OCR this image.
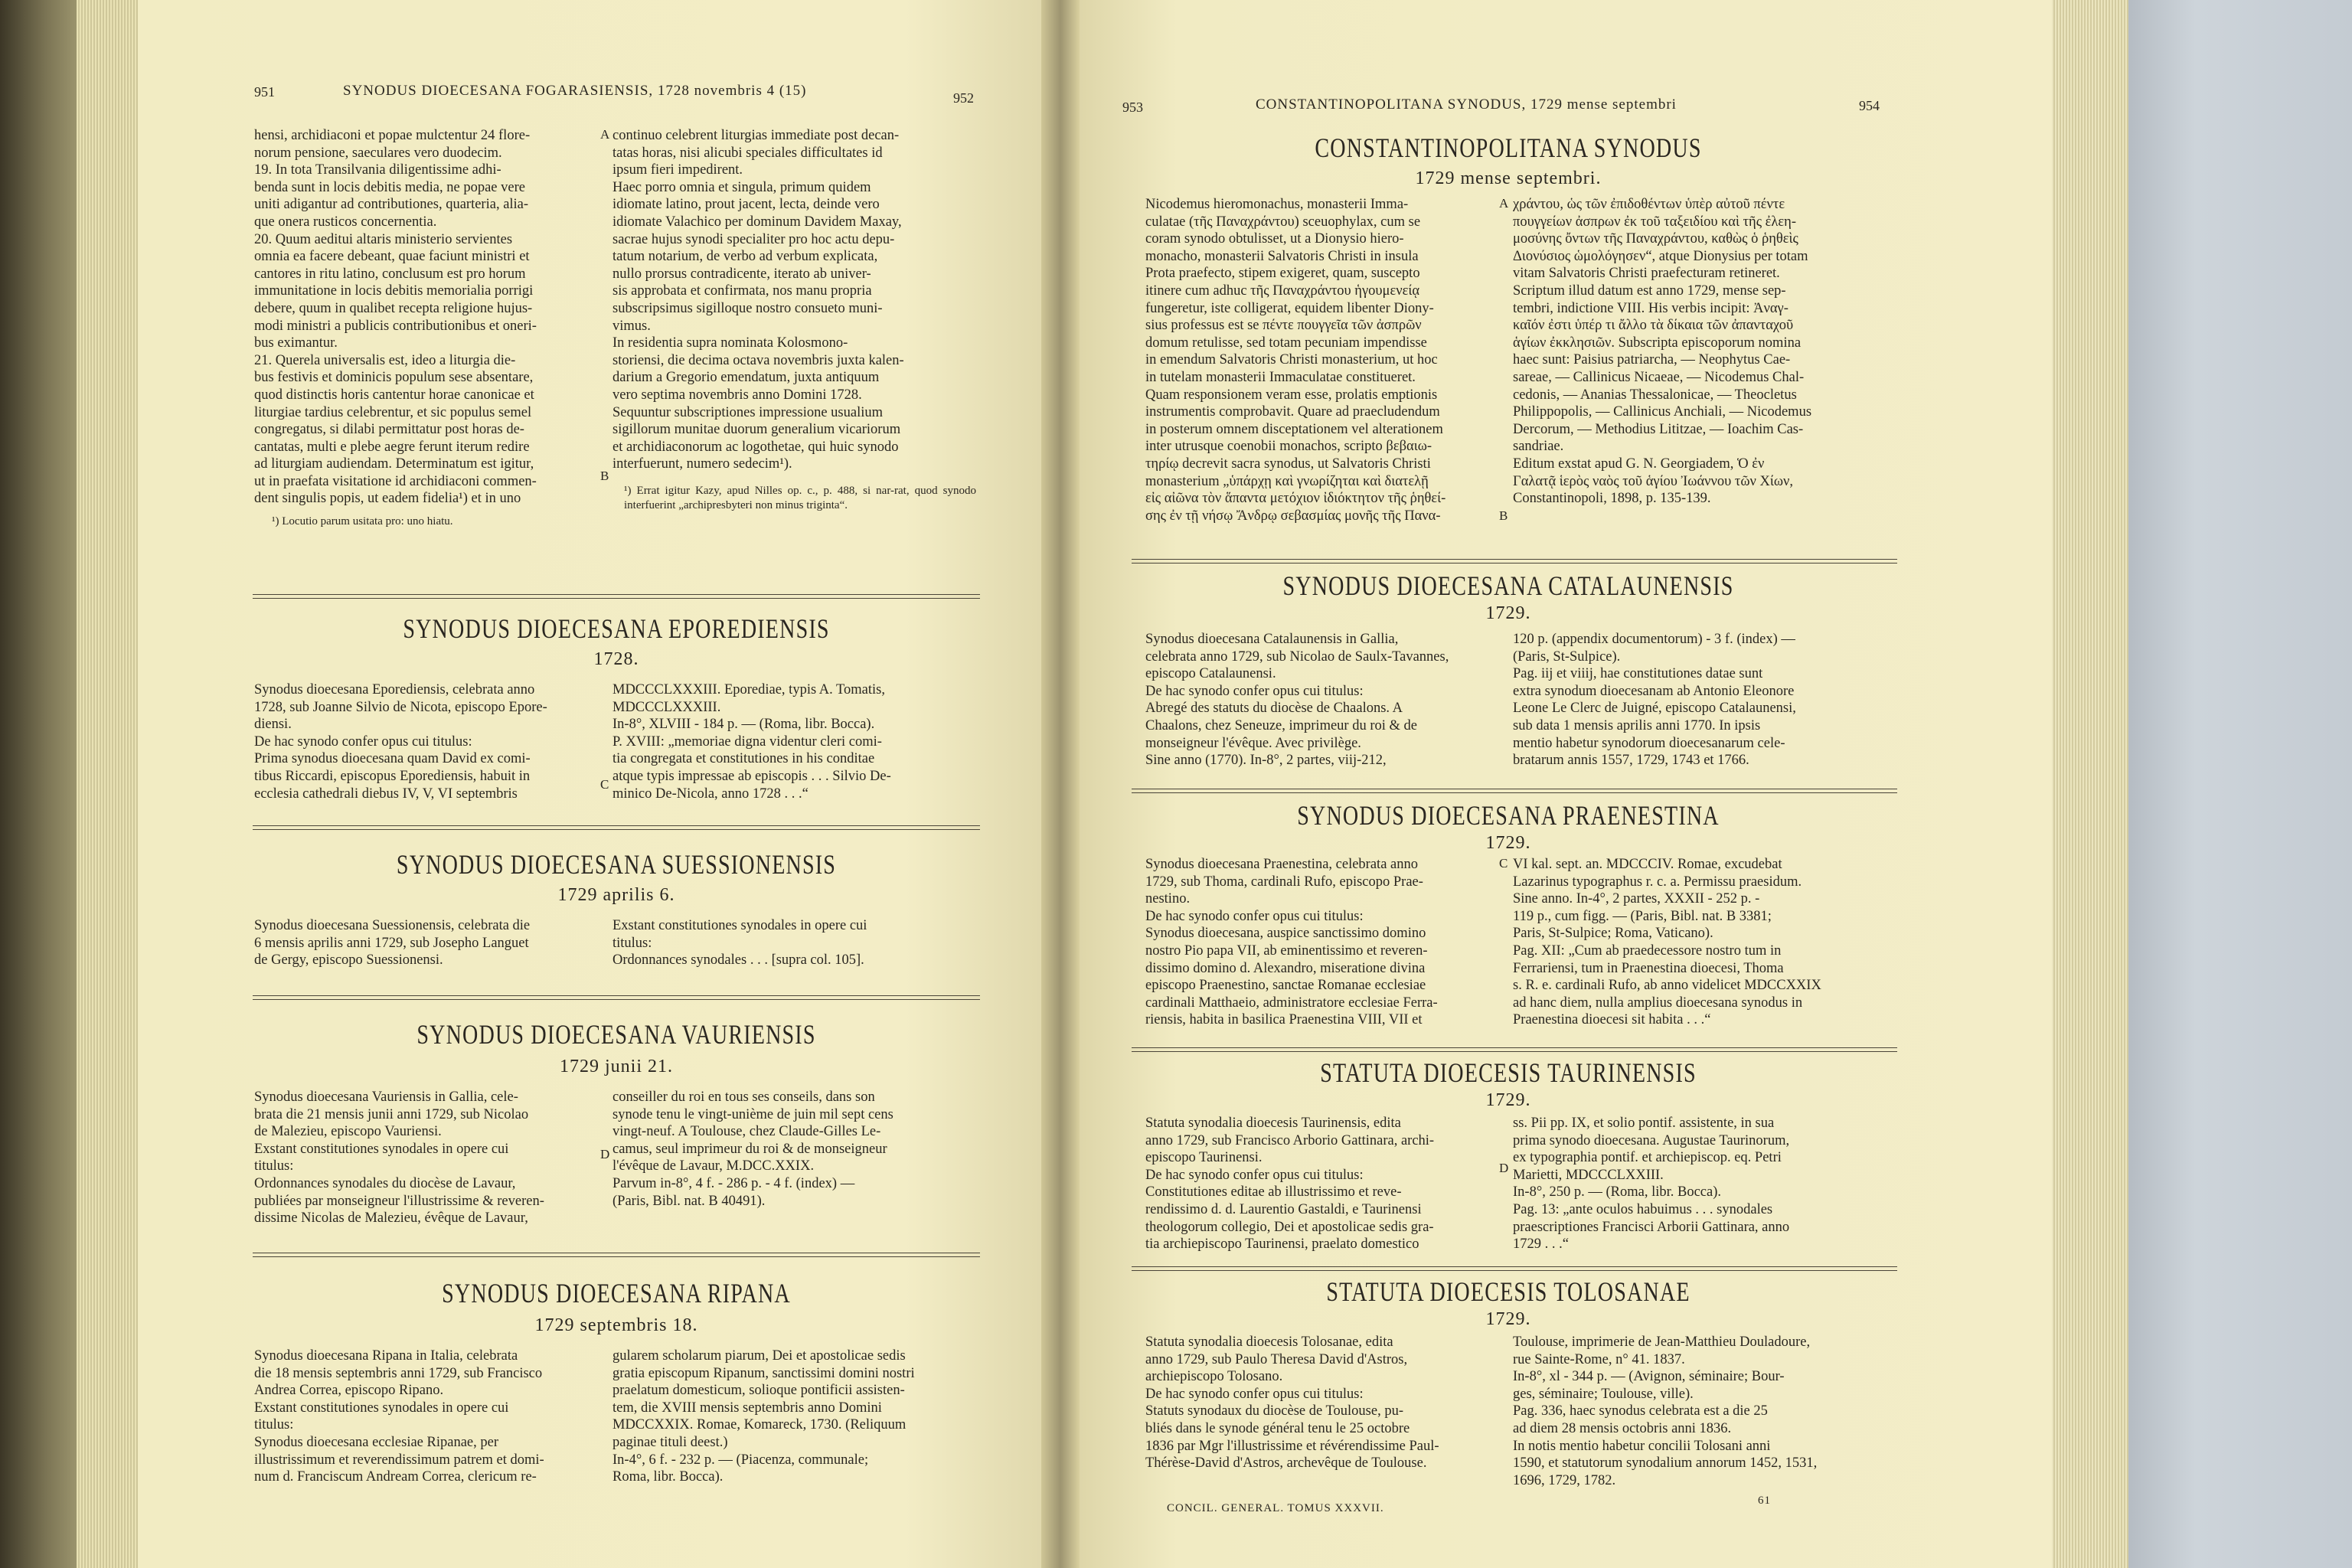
951	SYNODUS DIOECESANA FOGARASIENSIS, 1728 novembris 4 (15)	952
hensi, archidiaconi et popae mulctentur 24 flore-
norum pensione, saeculares vero duodecim.
19. In tota Transilvania diligentissime adhi-
benda sunt in locis debitis media, ne popae vere
uniti adigantur ad contributiones, quarteria, alia-
que onera rusticos concernentia.
20. Quum aeditui altaris ministerio servientes
omnia ea facere debeant, quae faciunt ministri et
cantores in ritu latino, conclusum est pro horum
immunitatione in locis debitis memorialia porrigi
debere, quum in qualibet recepta religione hujus-
modi ministri a publicis contributionibus et oneri-
bus eximantur.
21. Querela universalis est, ideo a liturgia die-
bus festivis et dominicis populum sese absentare,
quod distinctis horis cantentur horae canonicae et
liturgiae tardius celebrentur, et sic populus semel
congregatus, si dilabi permittatur post horas de-
cantatas, multi e plebe aegre ferunt iterum redire
ad liturgiam audiendam. Determinatum est igitur,
ut in praefata visitatione id archidiaconi commen-
dent singulis popis, ut eadem fidelia¹) et in uno
¹) Locutio parum usitata pro: uno hiatu.
continuo celebrent liturgias immediate post decan-
tatas horas, nisi alicubi speciales difficultates id
ipsum fieri impedirent.
Haec porro omnia et singula, primum quidem
idiomate latino, prout jacent, lecta, deinde vero
idiomate Valachico per dominum Davidem Maxay,
sacrae hujus synodi specialiter pro hoc actu depu-
tatum notarium, de verbo ad verbum explicata,
nullo prorsus contradicente, iterato ab univer-
sis approbata et confirmata, nos manu propria
subscripsimus sigilloque nostro consueto muni-
vimus.
In residentia supra nominata Kolosmono-
storiensi, die decima octava novembris juxta kalen-
darium a Gregorio emendatum, juxta antiquum
vero septima novembris anno Domini 1728.
Sequuntur subscriptiones impressione usualium
sigillorum munitae duorum generalium vicariorum
et archidiaconorum ac logothetae, qui huic synodo
interfuerunt, numero sedecim¹).
¹) Errat igitur Kazy, apud Nilles op. c., p. 488, si nar-rat, quod synodo interfuerint „archipresbyteri non minus triginta“.
A
B
C
D
SYNODUS DIOECESANA EPOREDIENSIS
1728.
Synodus dioecesana Eporediensis, celebrata anno
1728, sub Joanne Silvio de Nicota, episcopo Epore-
diensi.
De hac synodo confer opus cui titulus:
Prima synodus dioecesana quam David ex comi-
tibus Riccardi, episcopus Eporediensis, habuit in
ecclesia cathedrali diebus IV, V, VI septembris
MDCCCLXXXIII. Eporediae, typis A. Tomatis,
MDCCCLXXXIII.
In-8°, XLVIII - 184 p. — (Roma, libr. Bocca).
P. XVIII: „memoriae digna videntur cleri comi-
tia congregata et constitutiones in his conditae
atque typis impressae ab episcopis . . . Silvio De-
minico De-Nicola, anno 1728 . . .“
SYNODUS DIOECESANA SUESSIONENSIS
1729 aprilis 6.
Synodus dioecesana Suessionensis, celebrata die
6 mensis aprilis anni 1729, sub Josepho Languet
de Gergy, episcopo Suessionensi.
Exstant constitutiones synodales in opere cui
titulus:
Ordonnances synodales . . . [supra col. 105].
SYNODUS DIOECESANA VAURIENSIS
1729 junii 21.
Synodus dioecesana Vauriensis in Gallia, cele-
brata die 21 mensis junii anni 1729, sub Nicolao
de Malezieu, episcopo Vauriensi.
Exstant constitutiones synodales in opere cui
titulus:
Ordonnances synodales du diocèse de Lavaur,
publiées par monseigneur l'illustrissime & reveren-
dissime Nicolas de Malezieu, évêque de Lavaur,
conseiller du roi en tous ses conseils, dans son
synode tenu le vingt-unième de juin mil sept cens
vingt-neuf. A Toulouse, chez Claude-Gilles Le-
camus, seul imprimeur du roi & de monseigneur
l'évêque de Lavaur, M.DCC.XXIX.
Parvum in-8°, 4 f. - 286 p. - 4 f. (index) —
(Paris, Bibl. nat. B 40491).
SYNODUS DIOECESANA RIPANA
1729 septembris 18.
Synodus dioecesana Ripana in Italia, celebrata
die 18 mensis septembris anni 1729, sub Francisco
Andrea Correa, episcopo Ripano.
Exstant constitutiones synodales in opere cui
titulus:
Synodus dioecesana ecclesiae Ripanae, per
illustrissimum et reverendissimum patrem et domi-
num d. Franciscum Andream Correa, clericum re-
gularem scholarum piarum, Dei et apostolicae sedis
gratia episcopum Ripanum, sanctissimi domini nostri
praelatum domesticum, solioque pontificii assisten-
tem, die XVIII mensis septembris anno Domini
MDCCXXIX. Romae, Komareck, 1730. (Reliquum
paginae tituli deest.)
In-4°, 6 f. - 232 p. — (Piacenza, communale;
Roma, libr. Bocca).
953	CONSTANTINOPOLITANA SYNODUS, 1729 mense septembri	954
CONSTANTINOPOLITANA SYNODUS
1729 mense septembri.
Nicodemus hieromonachus, monasterii Imma-
culatae (τῆς Παναχράντου) sceuophylax, cum se
coram synodo obtulisset, ut a Dionysio hiero-
monacho, monasterii Salvatoris Christi in insula
Prota praefecto, stipem exigeret, quam, suscepto
itinere cum adhuc τῆς Παναχράντου ἡγουμενείᾳ
fungeretur, iste colligerat, equidem libenter Diony-
sius professus est se πέντε πουγγεῖα τῶν ἀσπρῶν
domum retulisse, sed totam pecuniam impendisse
in emendum Salvatoris Christi monasterium, ut hoc
in tutelam monasterii Immaculatae constitueret.
Quam responsionem veram esse, prolatis emptionis
instrumentis comprobavit. Quare ad praecludendum
in posterum omnem disceptationem vel alterationem
inter utrusque coenobii monachos, scripto βεβαιω-
τηρίῳ decrevit sacra synodus, ut Salvatoris Christi
monasterium „ὑπάρχῃ καὶ γνωρίζηται καὶ διατελῇ
εἰς αἰῶνα τὸν ἅπαντα μετόχιον ἰδιόκτητον τῆς ῥηθεί-
σης ἐν τῇ νήσῳ Ἄνδρῳ σεβασμίας μονῆς τῆς Πανα-
χράντου, ὡς τῶν ἐπιδοθέντων ὑπὲρ αὐτοῦ πέντε
πουγγείων ἀσπρων ἐκ τοῦ ταξειδίου καὶ τῆς ἐλεη-
μοσύνης ὄντων τῆς Παναχράντου, καθὼς ὁ ῥηθεὶς
Διονύσιος ὡμολόγησεν“, atque Dionysius per totam
vitam Salvatoris Christi praefecturam retineret.
Scriptum illud datum est anno 1729, mense sep-
tembri, indictione VIII. His verbis incipit: Ἀναγ-
καῖόν ἐστι ὑπέρ τι ἄλλο τὰ δίκαια τῶν ἀπανταχοῦ
ἁγίων ἐκκλησιῶν. Subscripta episcoporum nomina
haec sunt: Paisius patriarcha, — Neophytus Cae-
sareae, — Callinicus Nicaeae, — Nicodemus Chal-
cedonis, — Ananias Thessalonicae, — Theocletus
Philippopolis, — Callinicus Anchiali, — Nicodemus
Dercorum, — Methodius Lititzae, — Ioachim Cas-
sandriae.
Editum exstat apud G. N. Georgiadem, Ὁ ἐν
Γαλατᾷ ἱερὸς ναὸς τοῦ ἁγίου Ἰωάννου τῶν Χίων,
Constantinopoli, 1898, p. 135-139.
A
B
C
D
SYNODUS DIOECESANA CATALAUNENSIS
1729.
Synodus dioecesana Catalaunensis in Gallia,
celebrata anno 1729, sub Nicolao de Saulx-Tavannes,
episcopo Catalaunensi.
De hac synodo confer opus cui titulus:
Abregé des statuts du diocèse de Chaalons. A
Chaalons, chez Seneuze, imprimeur du roi & de
monseigneur l'évêque. Avec privilège.
Sine anno (1770). In-8°, 2 partes, viij-212,
120 p. (appendix documentorum) - 3 f. (index) —
(Paris, St-Sulpice).
Pag. iij et viiij, hae constitutiones datae sunt
extra synodum dioecesanam ab Antonio Eleonore
Leone Le Clerc de Juigné, episcopo Catalaunensi,
sub data 1 mensis aprilis anni 1770. In ipsis
mentio habetur synodorum dioecesanarum cele-
bratarum annis 1557, 1729, 1743 et 1766.
SYNODUS DIOECESANA PRAENESTINA
1729.
Synodus dioecesana Praenestina, celebrata anno
1729, sub Thoma, cardinali Rufo, episcopo Prae-
nestino.
De hac synodo confer opus cui titulus:
Synodus dioecesana, auspice sanctissimo domino
nostro Pio papa VII, ab eminentissimo et reveren-
dissimo domino d. Alexandro, miseratione divina
episcopo Praenestino, sanctae Romanae ecclesiae
cardinali Matthaeio, administratore ecclesiae Ferra-
riensis, habita in basilica Praenestina VIII, VII et
VI kal. sept. an. MDCCCIV. Romae, excudebat
Lazarinus typographus r. c. a. Permissu praesidum.
Sine anno. In-4°, 2 partes, XXXII - 252 p. -
119 p., cum figg. — (Paris, Bibl. nat. B 3381;
Paris, St-Sulpice; Roma, Vaticano).
Pag. XII: „Cum ab praedecessore nostro tum in
Ferrariensi, tum in Praenestina dioecesi, Thoma
s. R. e. cardinali Rufo, ab anno videlicet MDCCXXIX
ad hanc diem, nulla amplius dioecesana synodus in
Praenestina dioecesi sit habita . . .“
STATUTA DIOECESIS TAURINENSIS
1729.
Statuta synodalia dioecesis Taurinensis, edita
anno 1729, sub Francisco Arborio Gattinara, archi-
episcopo Taurinensi.
De hac synodo confer opus cui titulus:
Constitutiones editae ab illustrissimo et reve-
rendissimo d. d. Laurentio Gastaldi, e Taurinensi
theologorum collegio, Dei et apostolicae sedis gra-
tia archiepiscopo Taurinensi, praelato domestico
ss. Pii pp. IX, et solio pontif. assistente, in sua
prima synodo dioecesana. Augustae Taurinorum,
ex typographia pontif. et archiepiscop. eq. Petri
Marietti, MDCCCLXXIII.
In-8°, 250 p. — (Roma, libr. Bocca).
Pag. 13: „ante oculos habuimus . . . synodales
praescriptiones Francisci Arborii Gattinara, anno
1729 . . .“
STATUTA DIOECESIS TOLOSANAE
1729.
Statuta synodalia dioecesis Tolosanae, edita
anno 1729, sub Paulo Theresa David d'Astros,
archiepiscopo Tolosano.
De hac synodo confer opus cui titulus:
Statuts synodaux du diocèse de Toulouse, pu-
bliés dans le synode général tenu le 25 octobre
1836 par Mgr l'illustrissime et révérendissime Paul-
Thérèse-David d'Astros, archevêque de Toulouse.
Toulouse, imprimerie de Jean-Matthieu Douladoure,
rue Sainte-Rome, n° 41. 1837.
In-8°, xl - 344 p. — (Avignon, séminaire; Bour-
ges, séminaire; Toulouse, ville).
Pag. 336, haec synodus celebrata est a die 25
ad diem 28 mensis octobris anni 1836.
In notis mentio habetur concilii Tolosani anni
1590, et statutorum synodalium annorum 1452, 1531,
1696, 1729, 1782.
CONCIL. GENERAL. TOMUS XXXVII.
61
